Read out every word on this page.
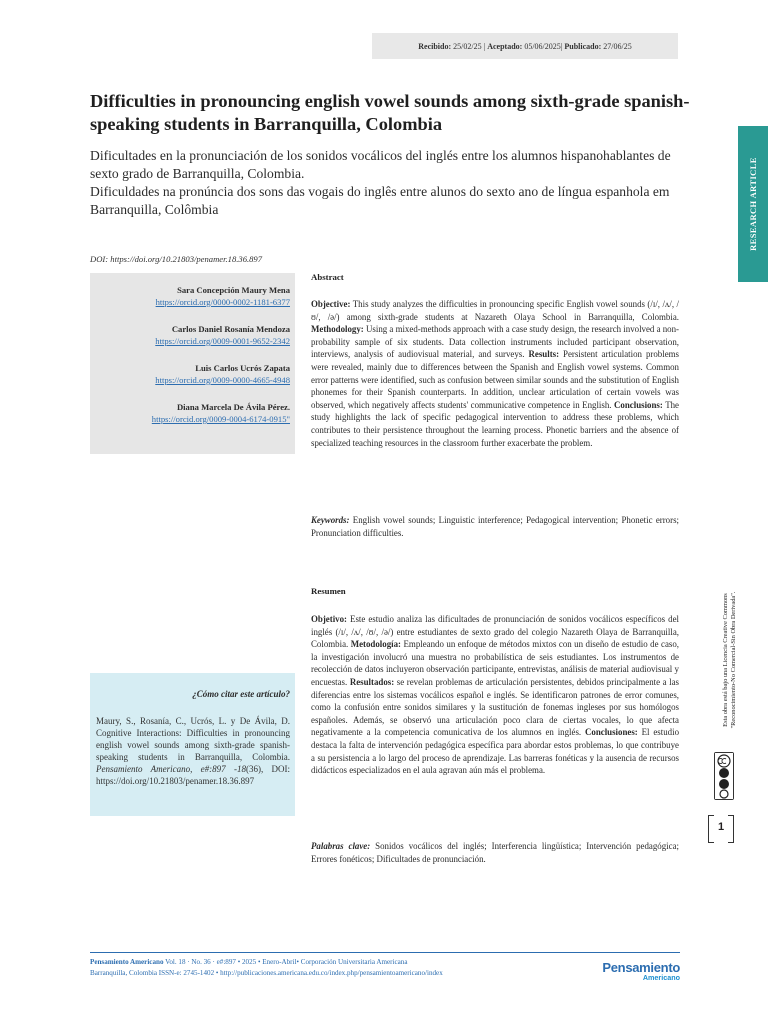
Recibido:
25/02/25 | Aceptado:
05/06/2025 | Publicado:
27/06/25
RESEARCH ARTICLE
Difficulties in pronouncing english vowel sounds among sixth-grade spanish-speaking students in Barranquilla, Colombia
Dificultades en la pronunciación de los sonidos vocálicos del inglés entre los alumnos hispanohablantes de sexto grado de Barranquilla, Colombia.
Dificuldades na pronúncia dos sons das vogais do inglês entre alunos do sexto ano de língua espanhola em Barranquilla, Colômbia
DOI: https://doi.org/10.21803/penamer.18.36.897
Sara Concepción Maury Mena
https://orcid.org/0000-0002-1181-6377
Carlos Daniel Rosanía Mendoza
https://orcid.org/0009-0001-9652-2342
Luis Carlos Ucrós Zapata
https://orcid.org/0009-0000-4665-4948
Diana Marcela De Ávila Pérez.
https://orcid.org/0009-0004-6174-0915"
¿Cómo citar este artículo?
Maury, S., Rosanía, C., Ucrós, L. y De Ávila, D. Cognitive Interactions: Difficulties in pronouncing english vowel sounds among sixth-grade spanish-speaking students in Barranquilla, Colombia. Pensamiento Americano, e#:897 -18(36), DOI: https://doi.org/10.21803/penamer.18.36.897
Abstract
Objective: This study analyzes the difficulties in pronouncing specific English vowel sounds (/ɪ/, /ʌ/, /ʊ/, /ə/) among sixth-grade students at Nazareth Olaya School in Barranquilla, Colombia. Methodology: Using a mixed-methods approach with a case study design, the research involved a non-probability sample of six students. Data collection instruments included participant observation, interviews, analysis of audiovisual material, and surveys. Results: Persistent articulation problems were revealed, mainly due to differences between the Spanish and English vowel systems. Common error patterns were identified, such as confusion between similar sounds and the substitution of English phonemes for their Spanish counterparts. In addition, unclear articulation of certain vowels was observed, which negatively affects students' communicative competence in English. Conclusions: The study highlights the lack of specific pedagogical intervention to address these problems, which contributes to their persistence throughout the learning process. Phonetic barriers and the absence of specialized teaching resources in the classroom further exacerbate the problem.
Keywords: English vowel sounds; Linguistic interference; Pedagogical intervention; Phonetic errors; Pronunciation difficulties.
Resumen
Objetivo: Este estudio analiza las dificultades de pronunciación de sonidos vocálicos específicos del inglés (/ɪ/, /ʌ/, /ʊ/, /ə/) entre estudiantes de sexto grado del colegio Nazareth Olaya de Barranquilla, Colombia. Metodología: Empleando un enfoque de métodos mixtos con un diseño de estudio de caso, la investigación involucró una muestra no probabilística de seis estudiantes. Los instrumentos de recolección de datos incluyeron observación participante, entrevistas, análisis de material audiovisual y encuestas. Resultados: se revelan problemas de articulación persistentes, debidos principalmente a las diferencias entre los sistemas vocálicos español e inglés. Se identificaron patrones de error comunes, como la confusión entre sonidos similares y la sustitución de fonemas ingleses por sus homólogos españoles. Además, se observó una articulación poco clara de ciertas vocales, lo que afecta negativamente a la competencia comunicativa de los alumnos en inglés. Conclusiones: El estudio destaca la falta de intervención pedagógica específica para abordar estos problemas, lo que contribuye a su persistencia a lo largo del proceso de aprendizaje. Las barreras fonéticas y la ausencia de recursos didácticos especializados en el aula agravan aún más el problema.
Palabras clave: Sonidos vocálicos del inglés; Interferencia lingüística; Intervención pedagógica; Errores fonéticos; Dificultades de pronunciación.
Esta obra está bajo una Licencia Creative Commons "Reconocimiento-No Comercial-Sin Obra Derivada".
1
Pensamiento Americano Vol. 18 · No. 36 · e#:897 • 2025 • Enero-Abril• Corporación Universitaria Americana
Barranquilla, Colombia ISSN-e: 2745-1402 • http://publicaciones.americana.edu.co/index.php/pensamientoamericano/index	Pensamiento
Americano
